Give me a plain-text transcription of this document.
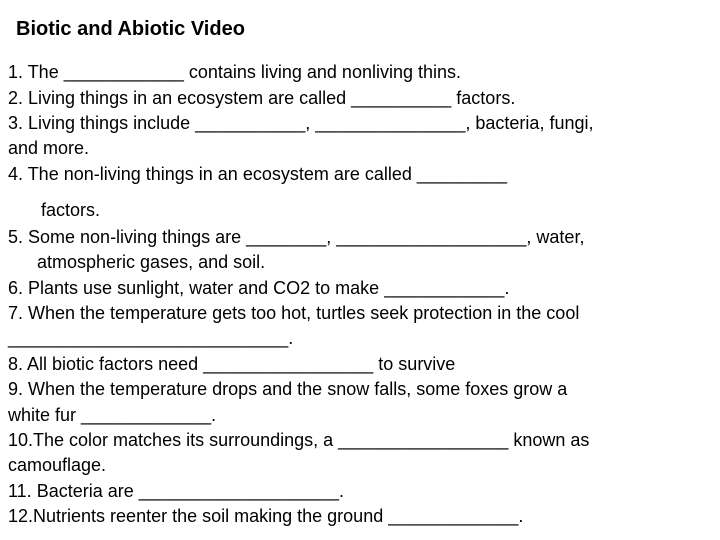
Biotic and Abiotic Video
1. The ____________ contains living and nonliving thins.
2. Living things in an ecosystem are called __________ factors.
3. Living things include ___________, _______________, bacteria, fungi,
and more.
4. The non-living things in an ecosystem are called _________
factors.
5. Some non-living things are ________, ___________________, water,
atmospheric gases, and soil.
6. Plants use sunlight, water and CO2 to make ____________.
7. When the temperature gets too hot, turtles seek protection in the cool
____________________________.
8. All biotic factors need _________________ to survive
9. When the temperature drops and the snow falls, some foxes grow a
white fur _____________.
10.The color matches its surroundings, a _________________ known as
camouflage.
11. Bacteria are ____________________.
12.Nutrients reenter the soil making the ground _____________.
